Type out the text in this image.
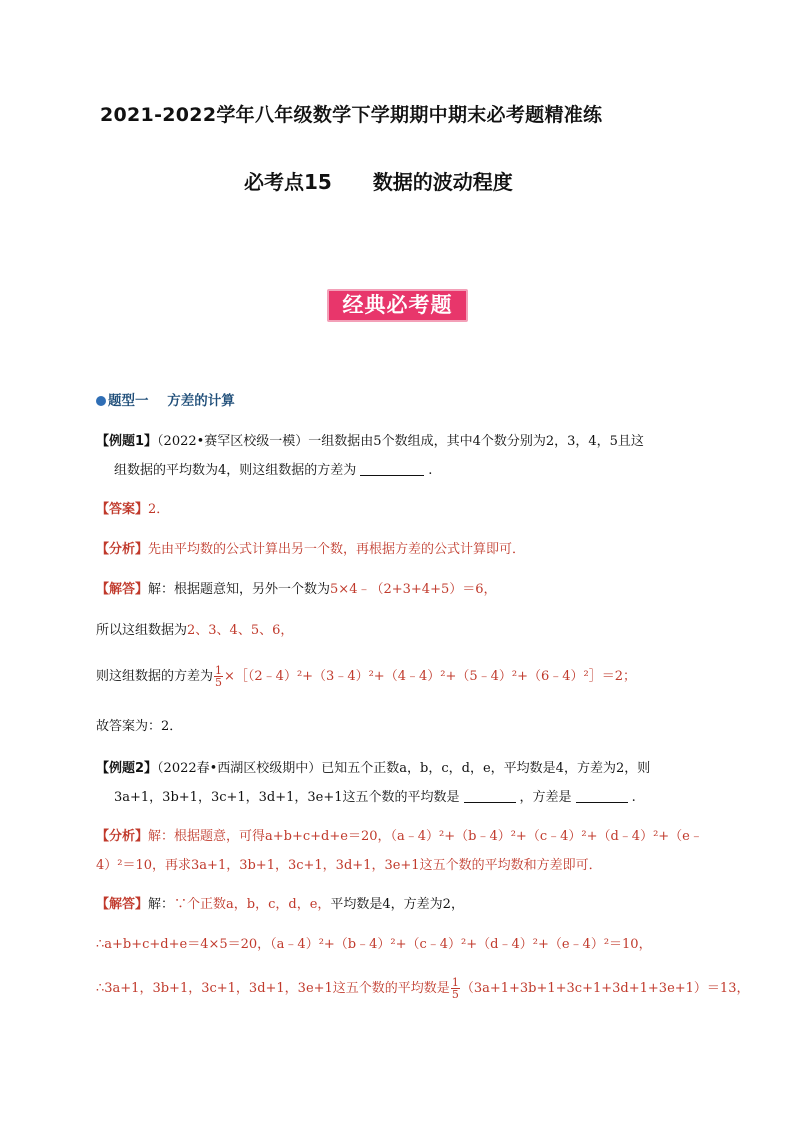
2021-2022学年八年级数学下学期期中期末必考题精准练
必考点15 数据的波动程度
经典必考题
题型一 方差的计算
【例题1】（2022•赛罕区校级一模）一组数据由5个数组成，其中4个数分别为2，3，4，5且这
组数据的平均数为4，则这组数据的方差为	.
【答案】2．
【分析】先由平均数的公式计算出另一个数，再根据方差的公式计算即可．
【解答】解：根据题意知，另外一个数为5×4﹣（2+3+4+5）＝6，
所以这组数据为2、3、4、5、6，
则这组数据的方差为 $\frac{1}{5}$ ×［（2﹣4）²+（3﹣4）²+（4﹣4）²+（5﹣4）²+（6﹣4）²］＝2；
故答案为：2．
【例题2】（2022春•西湖区校级期中）已知五个正数a，b，c，d，e，平均数是4，方差为2，则
3a+1，3b+1，3c+1，3d+1，3e+1这五个数的平均数是	，方差是	.
【分析】解：根据题意，可得a+b+c+d+e＝20，（a﹣4）²+（b﹣4）²+（c﹣4）²+（d﹣4）²+（e﹣
4）²＝10，再求3a+1，3b+1，3c+1，3d+1，3e+1这五个数的平均数和方差即可．
【解答】解：∵个正数a，b，c，d，e，平均数是4，方差为2，
∴a+b+c+d+e＝4×5＝20，（a﹣4）²+（b﹣4）²+（c﹣4）²+（d﹣4）²+（e﹣4）²＝10，
∴3a+1，3b+1，3c+1，3d+1，3e+1这五个数的平均数是 $\frac{1}{5} (3a+1+3b+1+3c+1+3d+1+3e+1)=13$，
